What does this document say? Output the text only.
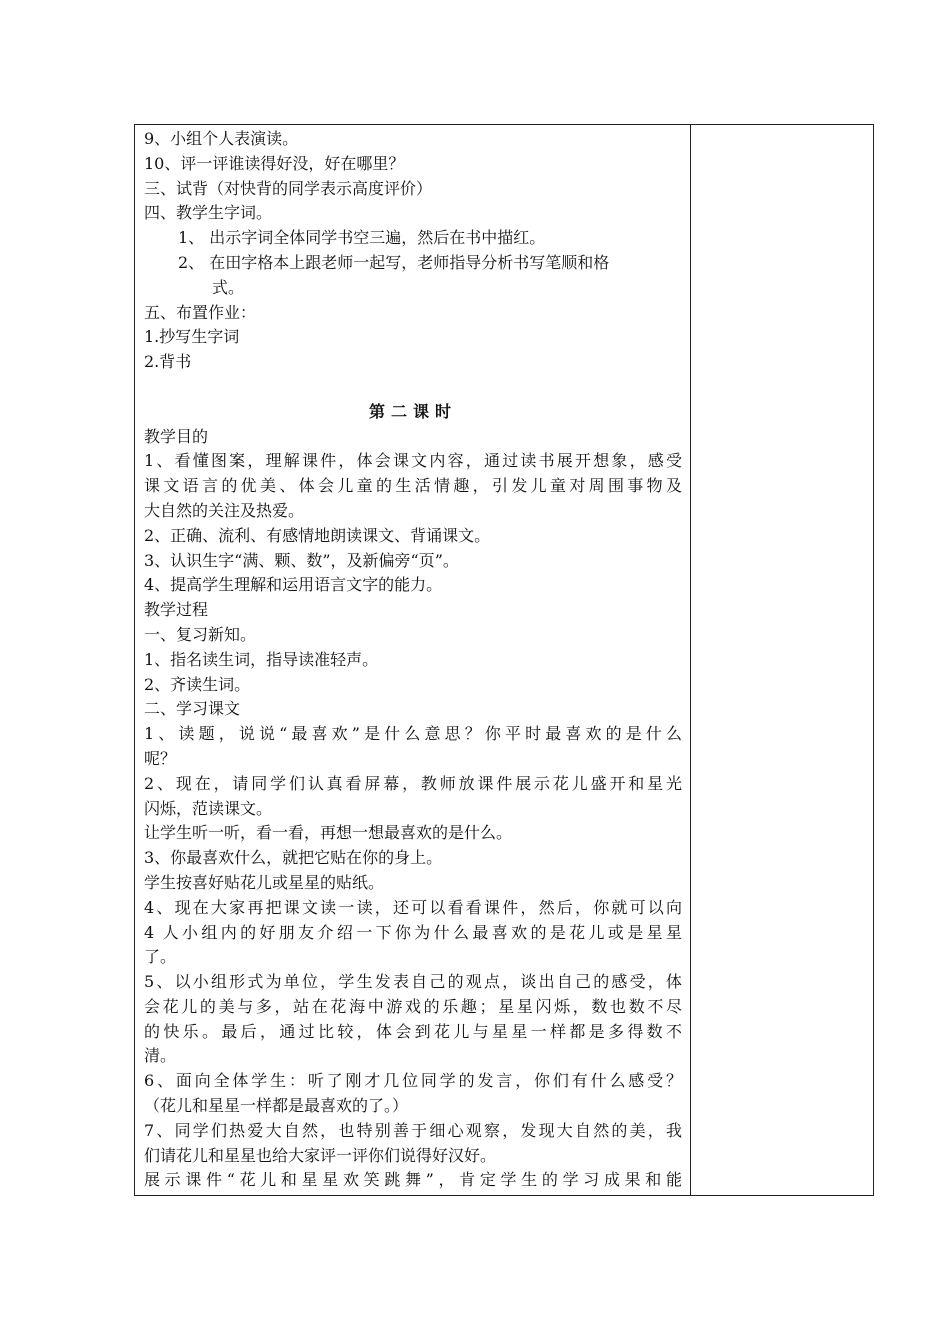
9、小组个人表演读。
10、评一评谁读得好没，好在哪里？
三、试背（对快背的同学表示高度评价）
四、教学生字词。
1、 出示字词全体同学书空三遍，然后在书中描红。
2、 在田字格本上跟老师一起写，老师指导分析书写笔顺和格
式。
五、布置作业：
1.抄写生字词
2.背书
第二课时
教学目的
1、看懂图案，理解课件，体会课文内容，通过读书展开想象，感受
课文语言的优美、体会儿童的生活情趣，引发儿童对周围事物及
大自然的关注及热爱。
2、正确、流利、有感情地朗读课文、背诵课文。
3、认识生字“满、颗、数”，及新偏旁“页”。
4、提高学生理解和运用语言文字的能力。
教学过程
一、复习新知。
1、指名读生词，指导读准轻声。
2、齐读生词。
二、学习课文
1、读题，说说“最喜欢”是什么意思？你平时最喜欢的是什么
呢？
2、现在，请同学们认真看屏幕，教师放课件展示花儿盛开和星光
闪烁，范读课文。
让学生听一听，看一看，再想一想最喜欢的是什么。
3、你最喜欢什么，就把它贴在你的身上。
学生按喜好贴花儿或星星的贴纸。
4、现在大家再把课文读一读，还可以看看课件，然后，你就可以向
4 人小组内的好朋友介绍一下你为什么最喜欢的是花儿或是星星
了。
5、以小组形式为单位，学生发表自己的观点，谈出自己的感受，体
会花儿的美与多，站在花海中游戏的乐趣；星星闪烁，数也数不尽
的快乐。最后，通过比较，体会到花儿与星星一样都是多得数不
清。
6、面向全体学生：听了刚才几位同学的发言，你们有什么感受？
（花儿和星星一样都是最喜欢的了。）
7、同学们热爱大自然，也特别善于细心观察，发现大自然的美，我
们请花儿和星星也给大家评一评你们说得好汉好。
展示课件“花儿和星星欢笑跳舞”，肯定学生的学习成果和能
